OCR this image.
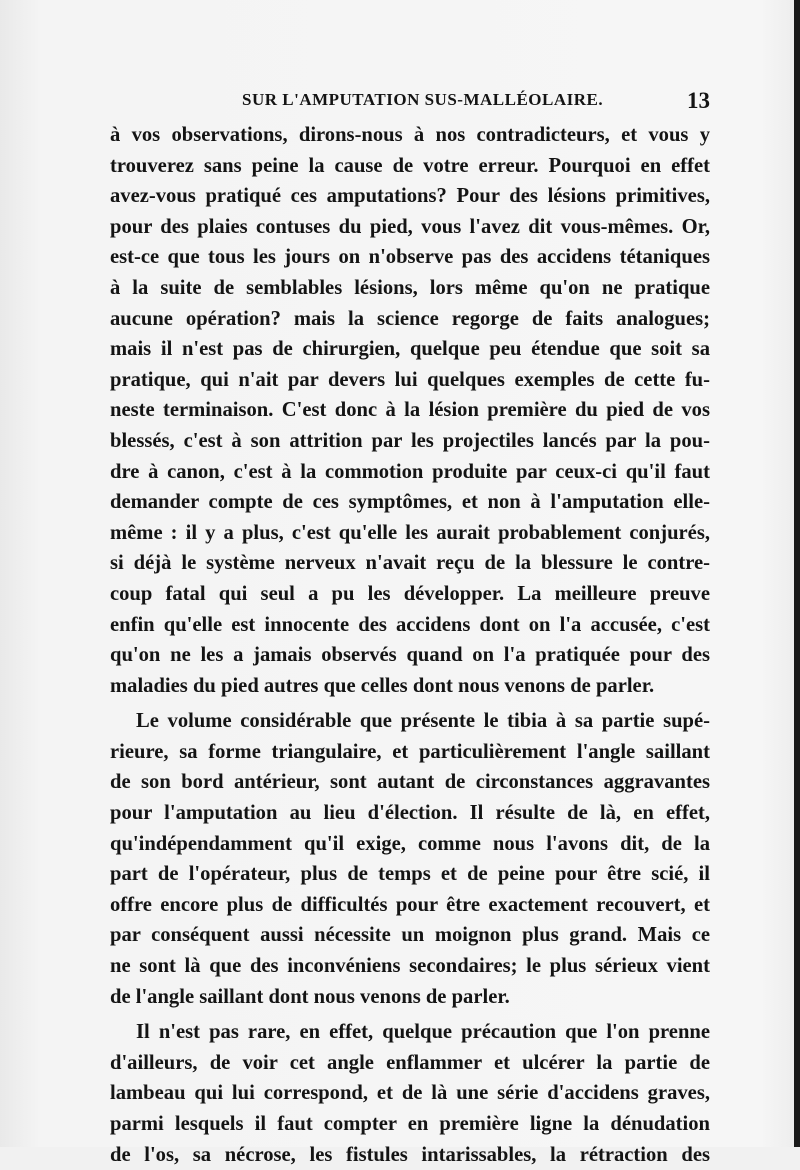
SUR L'AMPUTATION SUS-MALLÉOLAIRE.	13
à vos observations, dirons-nous à nos contradicteurs, et vous y
trouverez sans peine la cause de votre erreur. Pourquoi en effet
avez-vous pratiqué ces amputations? Pour des lésions primitives,
pour des plaies contuses du pied, vous l'avez dit vous-mêmes. Or,
est-ce que tous les jours on n'observe pas des accidens tétaniques
à la suite de semblables lésions, lors même qu'on ne pratique
aucune opération? mais la science regorge de faits analogues;
mais il n'est pas de chirurgien, quelque peu étendue que soit sa
pratique, qui n'ait par devers lui quelques exemples de cette fu-
neste terminaison. C'est donc à la lésion première du pied de vos
blessés, c'est à son attrition par les projectiles lancés par la pou-
dre à canon, c'est à la commotion produite par ceux-ci qu'il faut
demander compte de ces symptômes, et non à l'amputation elle-
même : il y a plus, c'est qu'elle les aurait probablement conjurés,
si déjà le système nerveux n'avait reçu de la blessure le contre-
coup fatal qui seul a pu les développer. La meilleure preuve
enfin qu'elle est innocente des accidens dont on l'a accusée, c'est
qu'on ne les a jamais observés quand on l'a pratiquée pour des
maladies du pied autres que celles dont nous venons de parler.
Le volume considérable que présente le tibia à sa partie supé-
rieure, sa forme triangulaire, et particulièrement l'angle saillant
de son bord antérieur, sont autant de circonstances aggravantes
pour l'amputation au lieu d'élection. Il résulte de là, en effet,
qu'indépendamment qu'il exige, comme nous l'avons dit, de la
part de l'opérateur, plus de temps et de peine pour être scié, il
offre encore plus de difficultés pour être exactement recouvert, et
par conséquent aussi nécessite un moignon plus grand. Mais ce
ne sont là que des inconvéniens secondaires; le plus sérieux vient
de l'angle saillant dont nous venons de parler.
Il n'est pas rare, en effet, quelque précaution que l'on prenne
d'ailleurs, de voir cet angle enflammer et ulcérer la partie de
lambeau qui lui correspond, et de là une série d'accidens graves,
parmi lesquels il faut compter en première ligne la dénudation
de l'os, sa nécrose, les fistules intarissables, la rétraction des
